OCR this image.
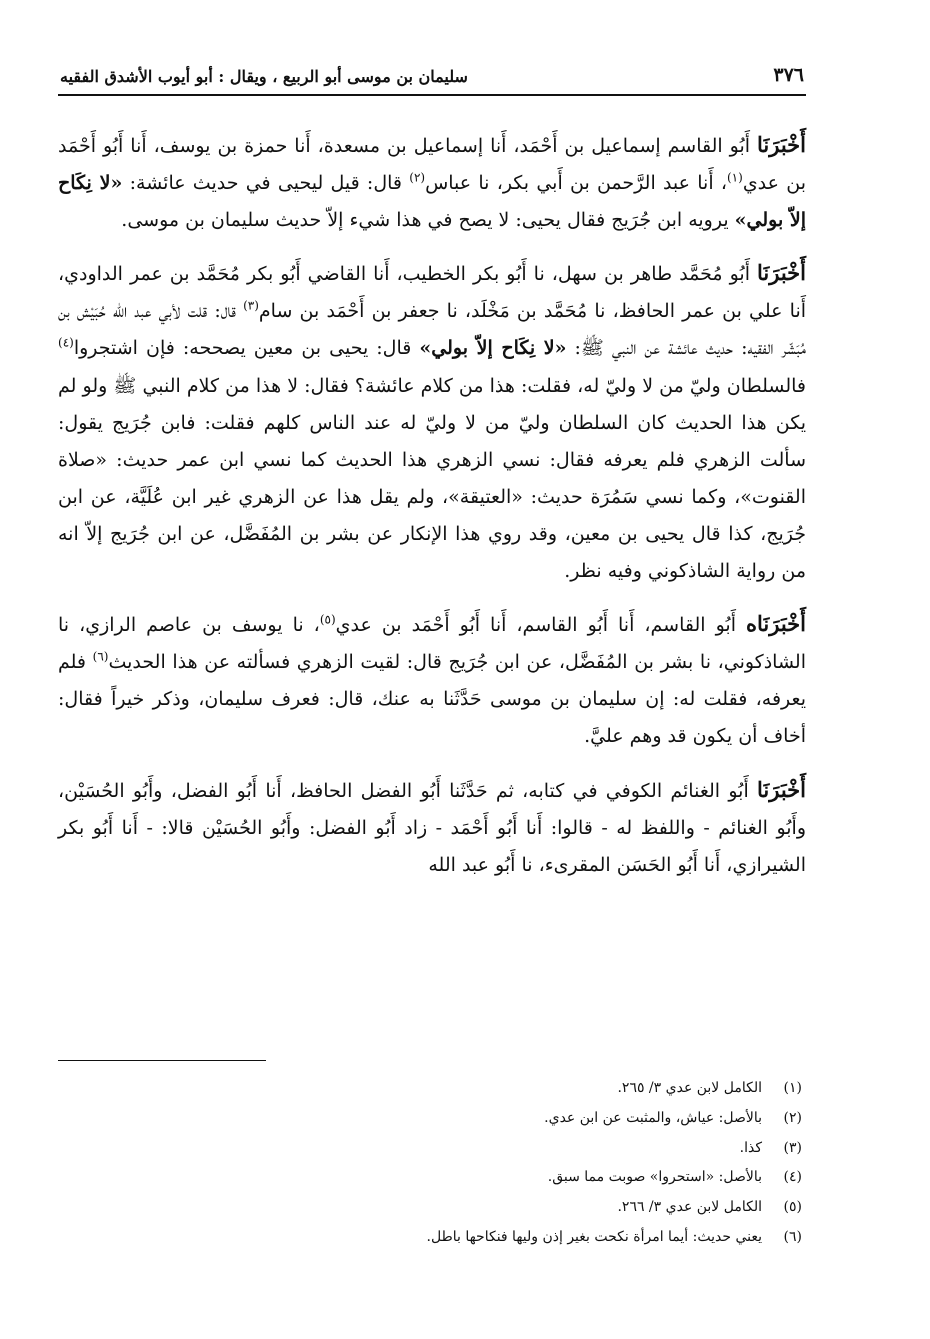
٣٧٦
سليمان بن موسى أبو الربيع ، ويقال : أبو أيوب الأشدق الفقيه

أَخْبَرَنَا أَبُو القاسم إسماعيل بن أَحْمَد، أَنا إسماعيل بن مسعدة، أَنا حمزة بن يوسف، أَنا أَبُو أَحْمَد بن عدي$^{(١)}$، أَنا عبد الرَّحمن بن أَبي بكر، نا عباس$^{(٢)}$ قال: قيل ليحيى في حديث عائشة: «لا نِكَاح إلاّ بولي» يرويه ابن جُرَيج فقال يحيى: لا يصح في هذا شيء إلاّ حديث سليمان بن موسى.

أَخْبَرَنَا أَبُو مُحَمَّد طاهر بن سهل، نا أَبُو بكر الخطيب، أَنا القاضي أَبُو بكر مُحَمَّد بن عمر الداودي، أَنا علي بن عمر الحافظ، نا مُحَمَّد بن مَخْلَد، نا جعفر بن أَحْمَد بن سام$^{(٣)}$ قال: قلت لأبي عبد الله حُبَيْش بن مُبَشّر الفقيه: حديث عائشة عن النبي ﷺ: «لا نِكَاح إلاّ بولي» قال: يحيى بن معين يصححه: فإن اشتجروا$^{(٤)}$ فالسلطان وليّ من لا وليّ له، فقلت: هذا من كلام عائشة؟ فقال: لا هذا من كلام النبي ﷺ ولو لم يكن هذا الحديث كان السلطان وليّ من لا وليّ له عند الناس كلهم فقلت: فابن جُرَيج يقول: سألت الزهري فلم يعرفه فقال: نسي الزهري هذا الحديث كما نسي ابن عمر حديث: «صلاة القنوت»، وكما نسي سَمُرَة حديث: «العتيقة»، ولم يقل هذا عن الزهري غير ابن عُلَيَّة، عن ابن جُرَيج، كذا قال يحيى بن معين، وقد روي هذا الإنكار عن بشر بن المُفَضَّل، عن ابن جُرَيج إلاّ انه من رواية الشاذكوني وفيه نظر.

أَخْبَرَنَاه أَبُو القاسم، أَنا أَبُو القاسم، أَنا أَبُو أَحْمَد بن عدي$^{(٥)}$، نا يوسف بن عاصم الرازي، نا الشاذكوني، نا بشر بن المُفَضَّل، عن ابن جُرَيج قال: لقيت الزهري فسألته عن هذا الحديث$^{(٦)}$ فلم يعرفه، فقلت له: إن سليمان بن موسى حَدَّثَنا به عنك، قال: فعرف سليمان، وذكر خيراً فقال: أخاف أن يكون قد وهم عليَّ.

أَخْبَرَنَا أَبُو الغنائم الكوفي في كتابه، ثم حَدَّثَنا أَبُو الفضل الحافظ، أَنا أَبُو الفضل، وأَبُو الحُسَيْن، وأَبُو الغنائم - واللفظ له - قالوا: أَنا أَبُو أَحْمَد - زاد أَبُو الفضل: وأَبُو الحُسَيْن قالا: - أَنا أَبُو بكر الشيرازي، أَنا أَبُو الحَسَن المقرىء، نا أَبُو عبد الله

(١)
الكامل لابن عدي ٣/ ٢٦٥.
(٢)
بالأصل: عياش، والمثبت عن ابن عدي.
(٣)
كذا.
(٤)
بالأصل: «استحروا» صوبت مما سبق.
(٥)
الكامل لابن عدي ٣/ ٢٦٦.
(٦)
يعني حديث: أيما امرأة نكحت بغير إذن وليها فنكاحها باطل.
